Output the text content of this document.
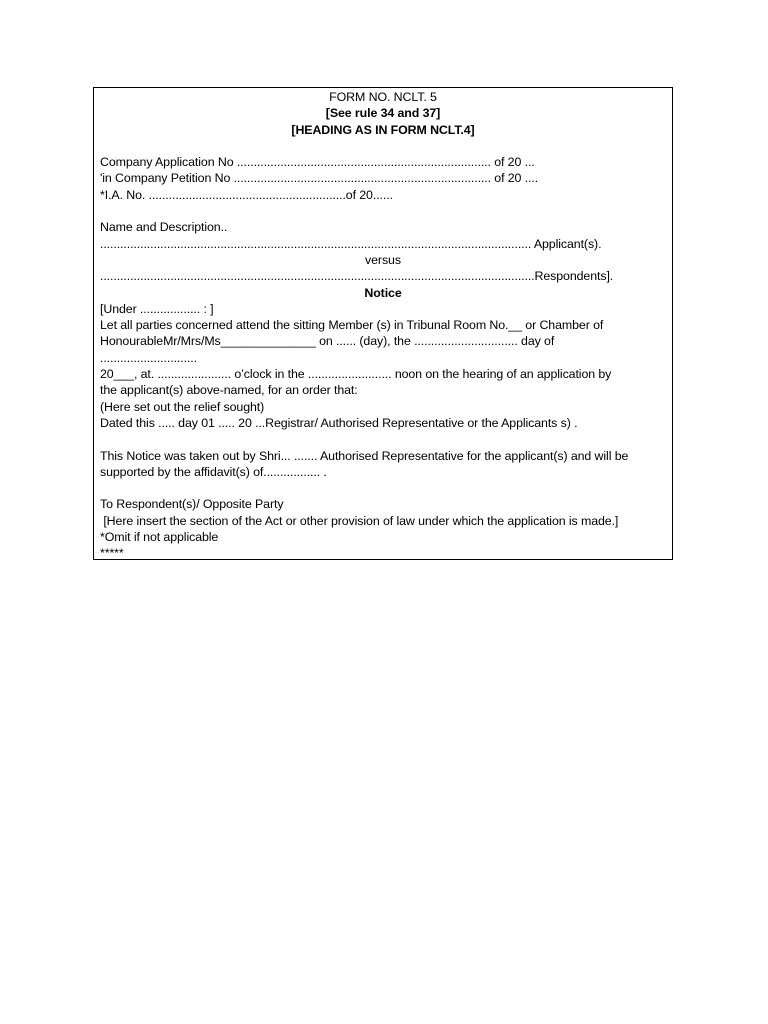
FORM NO. NCLT. 5
[See rule 34 and 37]
[HEADING AS IN FORM NCLT.4]
Company Application No ............................................................................ of 20 ...
'in Company Petition No ............................................................................. of 20 ....
*I.A. No. ...........................................................of 20......
Name and Description..
................................................................................................................................. Applicant(s).
versus
..................................................................................................................................Respondents].
Notice
[Under .................. : ]
Let all parties concerned attend the sitting Member (s) in Tribunal Room No.__ or Chamber of
HonourableMr/Mrs/Ms______________ on ...... (day), the ............................... day of
.............................
20___, at. ...................... o’clock in the ......................... noon on the hearing of an application by
the applicant(s) above-named, for an order that:
(Here set out the relief sought)
Dated this ..... day 01 ..... 20 ...Registrar/ Authorised Representative or the Applicants s) .
This Notice was taken out by Shri... ....... Authorised Representative for the applicant(s) and will be
supported by the affidavit(s) of................. .
To Respondent(s)/ Opposite Party
[Here insert the section of the Act or other provision of law under which the application is made.]
*Omit if not applicable
*****
